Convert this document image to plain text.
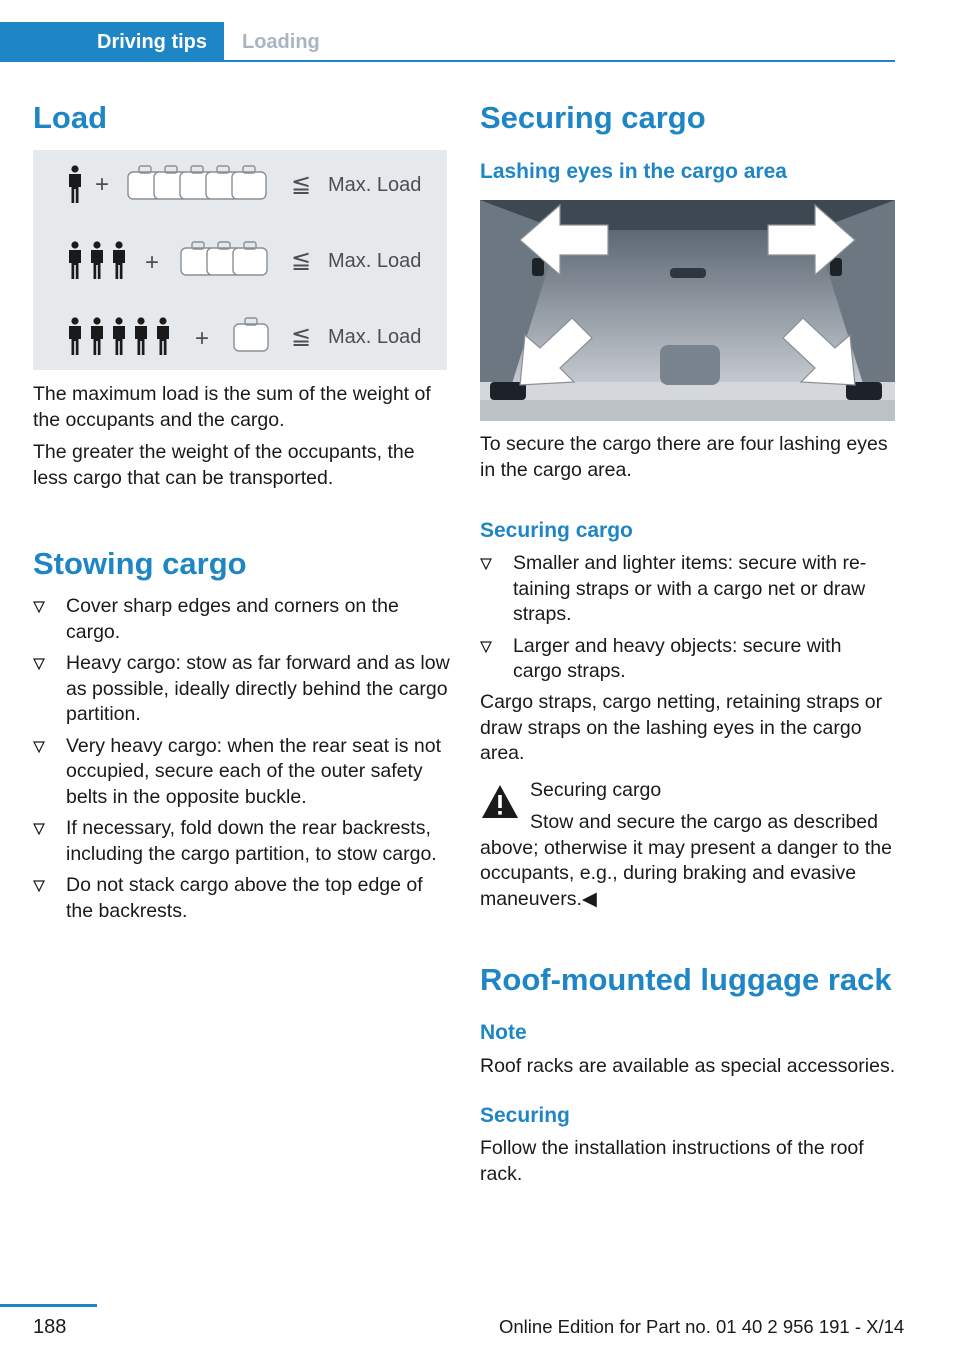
Driving tips	Loading
Load
+	≦ Max. Load
+	≦ Max. Load
+	≦ Max. Load
The maximum load is the sum of the weight of the occupants and the cargo.
The greater the weight of the occupants, the less cargo that can be transported.
Stowing cargo
Cover sharp edges and corners on the cargo.
Heavy cargo: stow as far forward and as low as possible, ideally directly behind the cargo partition.
Very heavy cargo: when the rear seat is not occupied, secure each of the outer safety belts in the opposite buckle.
If necessary, fold down the rear backrests, including the cargo partition, to stow cargo.
Do not stack cargo above the top edge of the backrests.
Securing cargo
Lashing eyes in the cargo area
To secure the cargo there are four lashing eyes in the cargo area.
Securing cargo
Smaller and lighter items: secure with re‐taining straps or with a cargo net or draw straps.
Larger and heavy objects: secure with cargo straps.
Cargo straps, cargo netting, retaining straps or draw straps on the lashing eyes in the cargo area.
Securing cargo
Stow and secure the cargo as described above; otherwise it may present a danger to the occupants, e.g., during braking and evasive maneuvers.◀
Roof-mounted luggage rack
Note
Roof racks are available as special accessories.
Securing
Follow the installation instructions of the roof rack.
188	Online Edition for Part no. 01 40 2 956 191 - X/14
